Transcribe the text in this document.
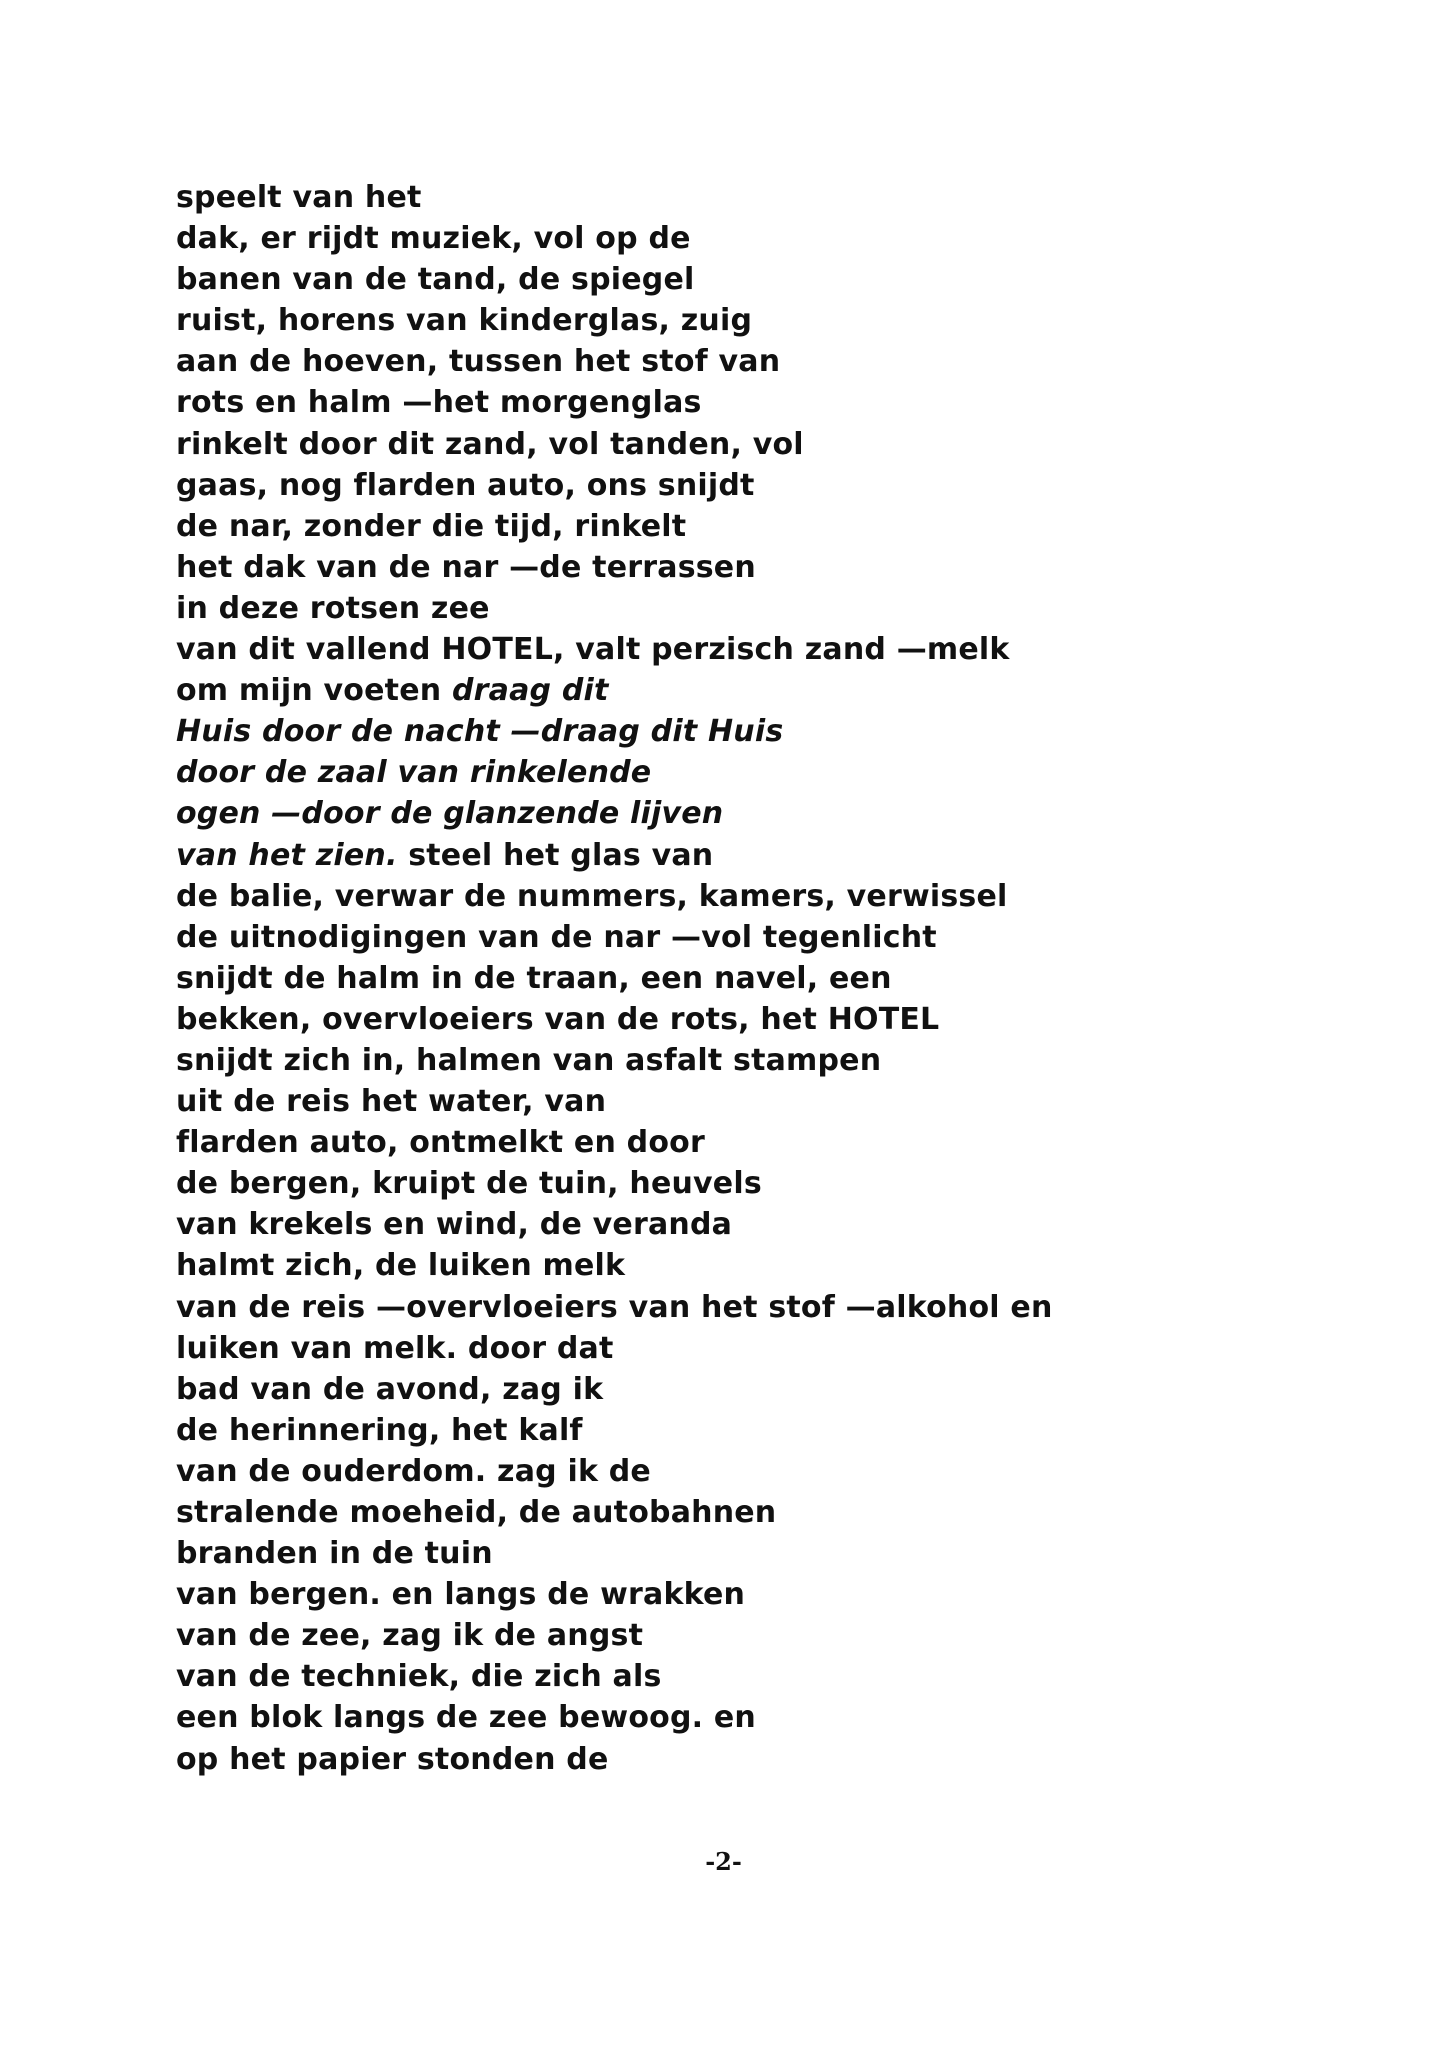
speelt van het
dak, er rijdt muziek, vol op de
banen van de tand, de spiegel
ruist, horens van kinderglas, zuig
aan de hoeven, tussen het stof van
rots en halm —het morgenglas
rinkelt door dit zand, vol tanden, vol
gaas, nog flarden auto, ons snijdt
de nar, zonder die tijd, rinkelt
het dak van de nar —de terrassen
in deze rotsen zee
van dit vallend HOTEL, valt perzisch zand —melk
om mijn voeten draag dit
Huis door de nacht —draag dit Huis
door de zaal van rinkelende
ogen —door de glanzende lijven
van het zien. steel het glas van
de balie, verwar de nummers, kamers, verwissel
de uitnodigingen van de nar —vol tegenlicht
snijdt de halm in de traan, een navel, een
bekken, overvloeiers van de rots, het HOTEL
snijdt zich in, halmen van asfalt stampen
uit de reis het water, van
flarden auto, ontmelkt en door
de bergen, kruipt de tuin, heuvels
van krekels en wind, de veranda
halmt zich, de luiken melk
van de reis —overvloeiers van het stof —alkohol en
luiken van melk. door dat
bad van de avond, zag ik
de herinnering, het kalf
van de ouderdom. zag ik de
stralende moeheid, de autobahnen
branden in de tuin
van bergen. en langs de wrakken
van de zee, zag ik de angst
van de techniek, die zich als
een blok langs de zee bewoog. en
op het papier stonden de
-2-
